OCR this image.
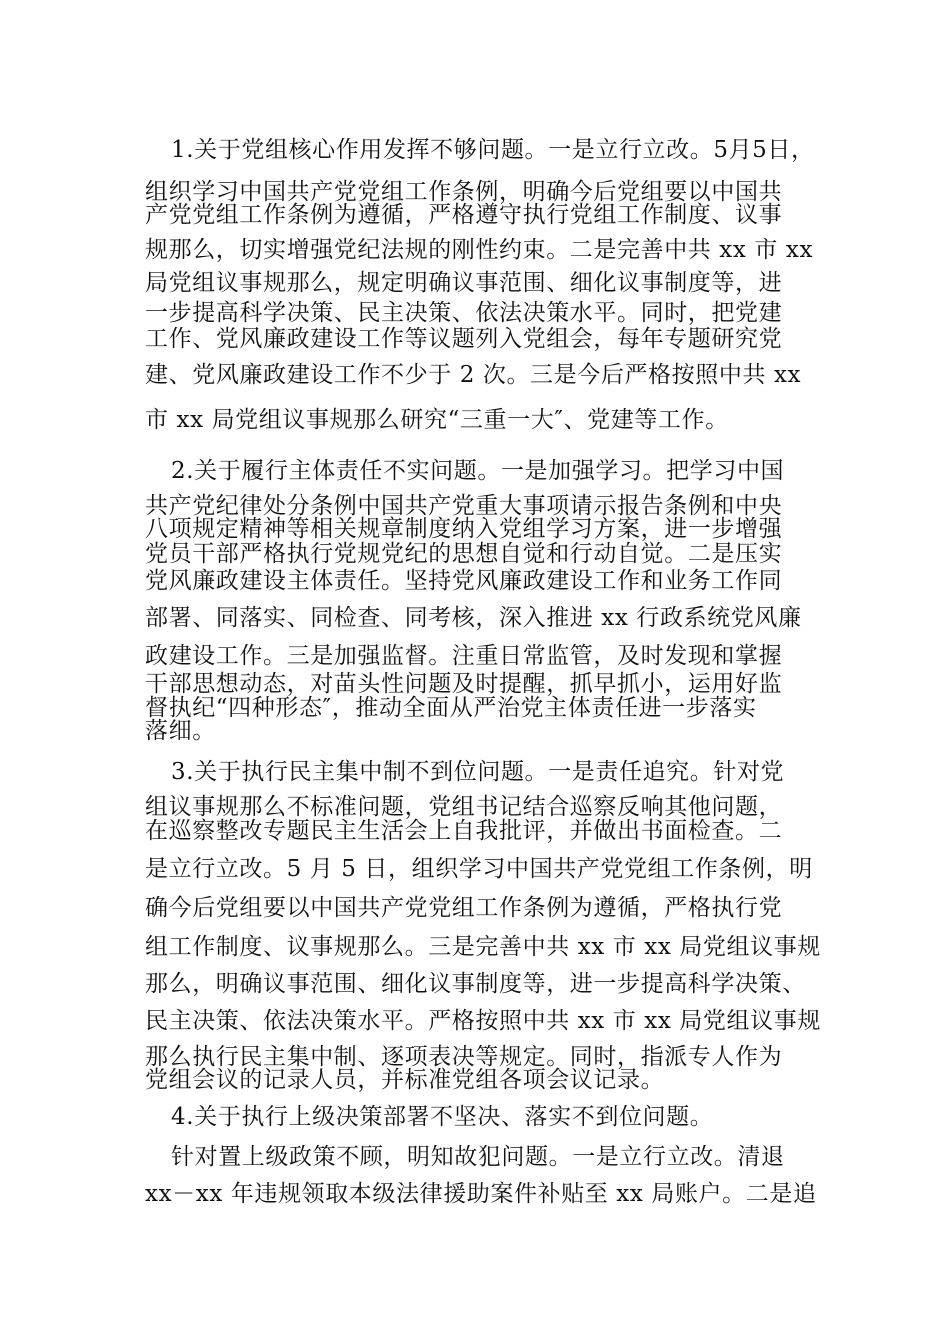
1.关于党组核心作用发挥不够问题。一是立行立改。5月5日，
组织学习中国共产党党组工作条例，明确今后党组要以中国共
产党党组工作条例为遵循，严格遵守执行党组工作制度、议事
规那么，切实增强党纪法规的刚性约束。二是完善中共 xx 市 xx
局党组议事规那么，规定明确议事范围、细化议事制度等，进
一步提高科学决策、民主决策、依法决策水平。同时，把党建
工作、党风廉政建设工作等议题列入党组会，每年专题研究党
建、党风廉政建设工作不少于 2 次。三是今后严格按照中共 xx
市 xx 局党组议事规那么研究“三重一大″、党建等工作。
2.关于履行主体责任不实问题。一是加强学习。把学习中国
共产党纪律处分条例中国共产党重大事项请示报告条例和中央
八项规定精神等相关规章制度纳入党组学习方案，进一步增强
党员干部严格执行党规党纪的思想自觉和行动自觉。二是压实
党风廉政建设主体责任。坚持党风廉政建设工作和业务工作同
部署、同落实、同检查、同考核，深入推进 xx 行政系统党风廉
政建设工作。三是加强监督。注重日常监管，及时发现和掌握
干部思想动态，对苗头性问题及时提醒，抓早抓小，运用好监
督执纪“四种形态″，推动全面从严治党主体责任进一步落实
落细。
3.关于执行民主集中制不到位问题。一是责任追究。针对党
组议事规那么不标准问题，党组书记结合巡察反响其他问题，
在巡察整改专题民主生活会上自我批评，并做出书面检查。二
是立行立改。5 月 5 日，组织学习中国共产党党组工作条例，明
确今后党组要以中国共产党党组工作条例为遵循，严格执行党
组工作制度、议事规那么。三是完善中共 xx 市 xx 局党组议事规
那么，明确议事范围、细化议事制度等，进一步提高科学决策、
民主决策、依法决策水平。严格按照中共 xx 市 xx 局党组议事规
那么执行民主集中制、逐项表决等规定。同时，指派专人作为
党组会议的记录人员，并标准党组各项会议记录。
4.关于执行上级决策部署不坚决、落实不到位问题。
针对置上级政策不顾，明知故犯问题。一是立行立改。清退
xx－xx 年违规领取本级法律援助案件补贴至 xx 局账户。二是追
